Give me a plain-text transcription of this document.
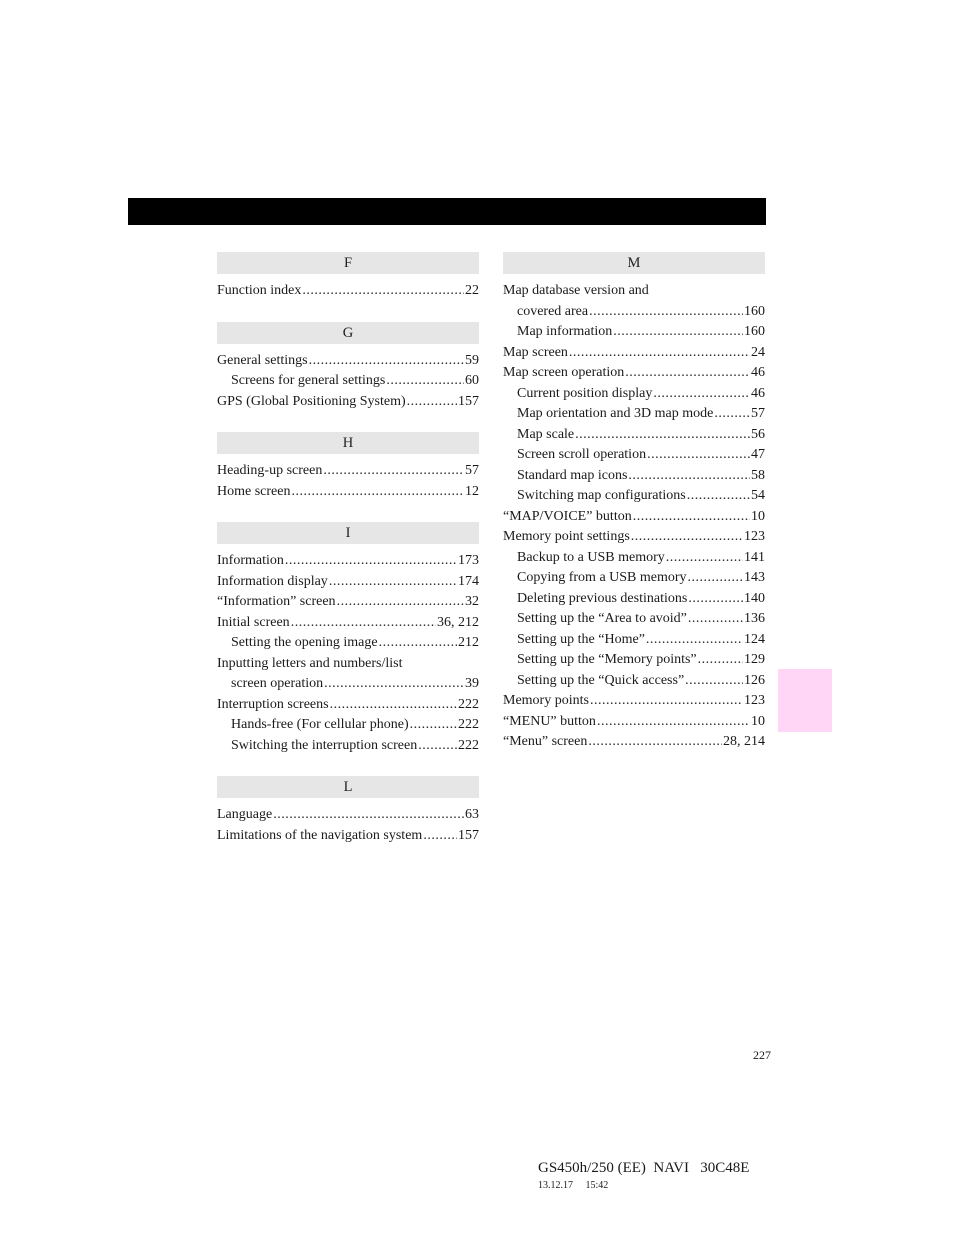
F
Function index .....	22
G
General settings .....	59
Screens for general settings .....	60
GPS (Global Positioning System) .....	157
H
Heading-up screen .....	57
Home screen .....	12
I
Information .....	173
Information display .....	174
“Information” screen .....	32
Initial screen .....	36, 212
Setting the opening image .....	212
Inputting letters and numbers/list
screen operation .....	39
Interruption screens .....	222
Hands-free (For cellular phone) .....	222
Switching the interruption screen .....	222
L
Language .....	63
Limitations of the navigation system .....	157
M
Map database version and
covered area .....	160
Map information .....	160
Map screen .....	24
Map screen operation .....	46
Current position display .....	46
Map orientation and 3D map mode .....	57
Map scale .....	56
Screen scroll operation .....	47
Standard map icons .....	58
Switching map configurations .....	54
“MAP/VOICE” button .....	10
Memory point settings .....	123
Backup to a USB memory .....	141
Copying from a USB memory .....	143
Deleting previous destinations .....	140
Setting up the “Area to avoid” .....	136
Setting up the “Home” .....	124
Setting up the “Memory points” .....	129
Setting up the “Quick access” .....	126
Memory points .....	123
“MENU” button .....	10
“Menu” screen .....	28, 214
227
GS450h/250 (EE)  NAVI   30C48E
13.12.17     15:42
